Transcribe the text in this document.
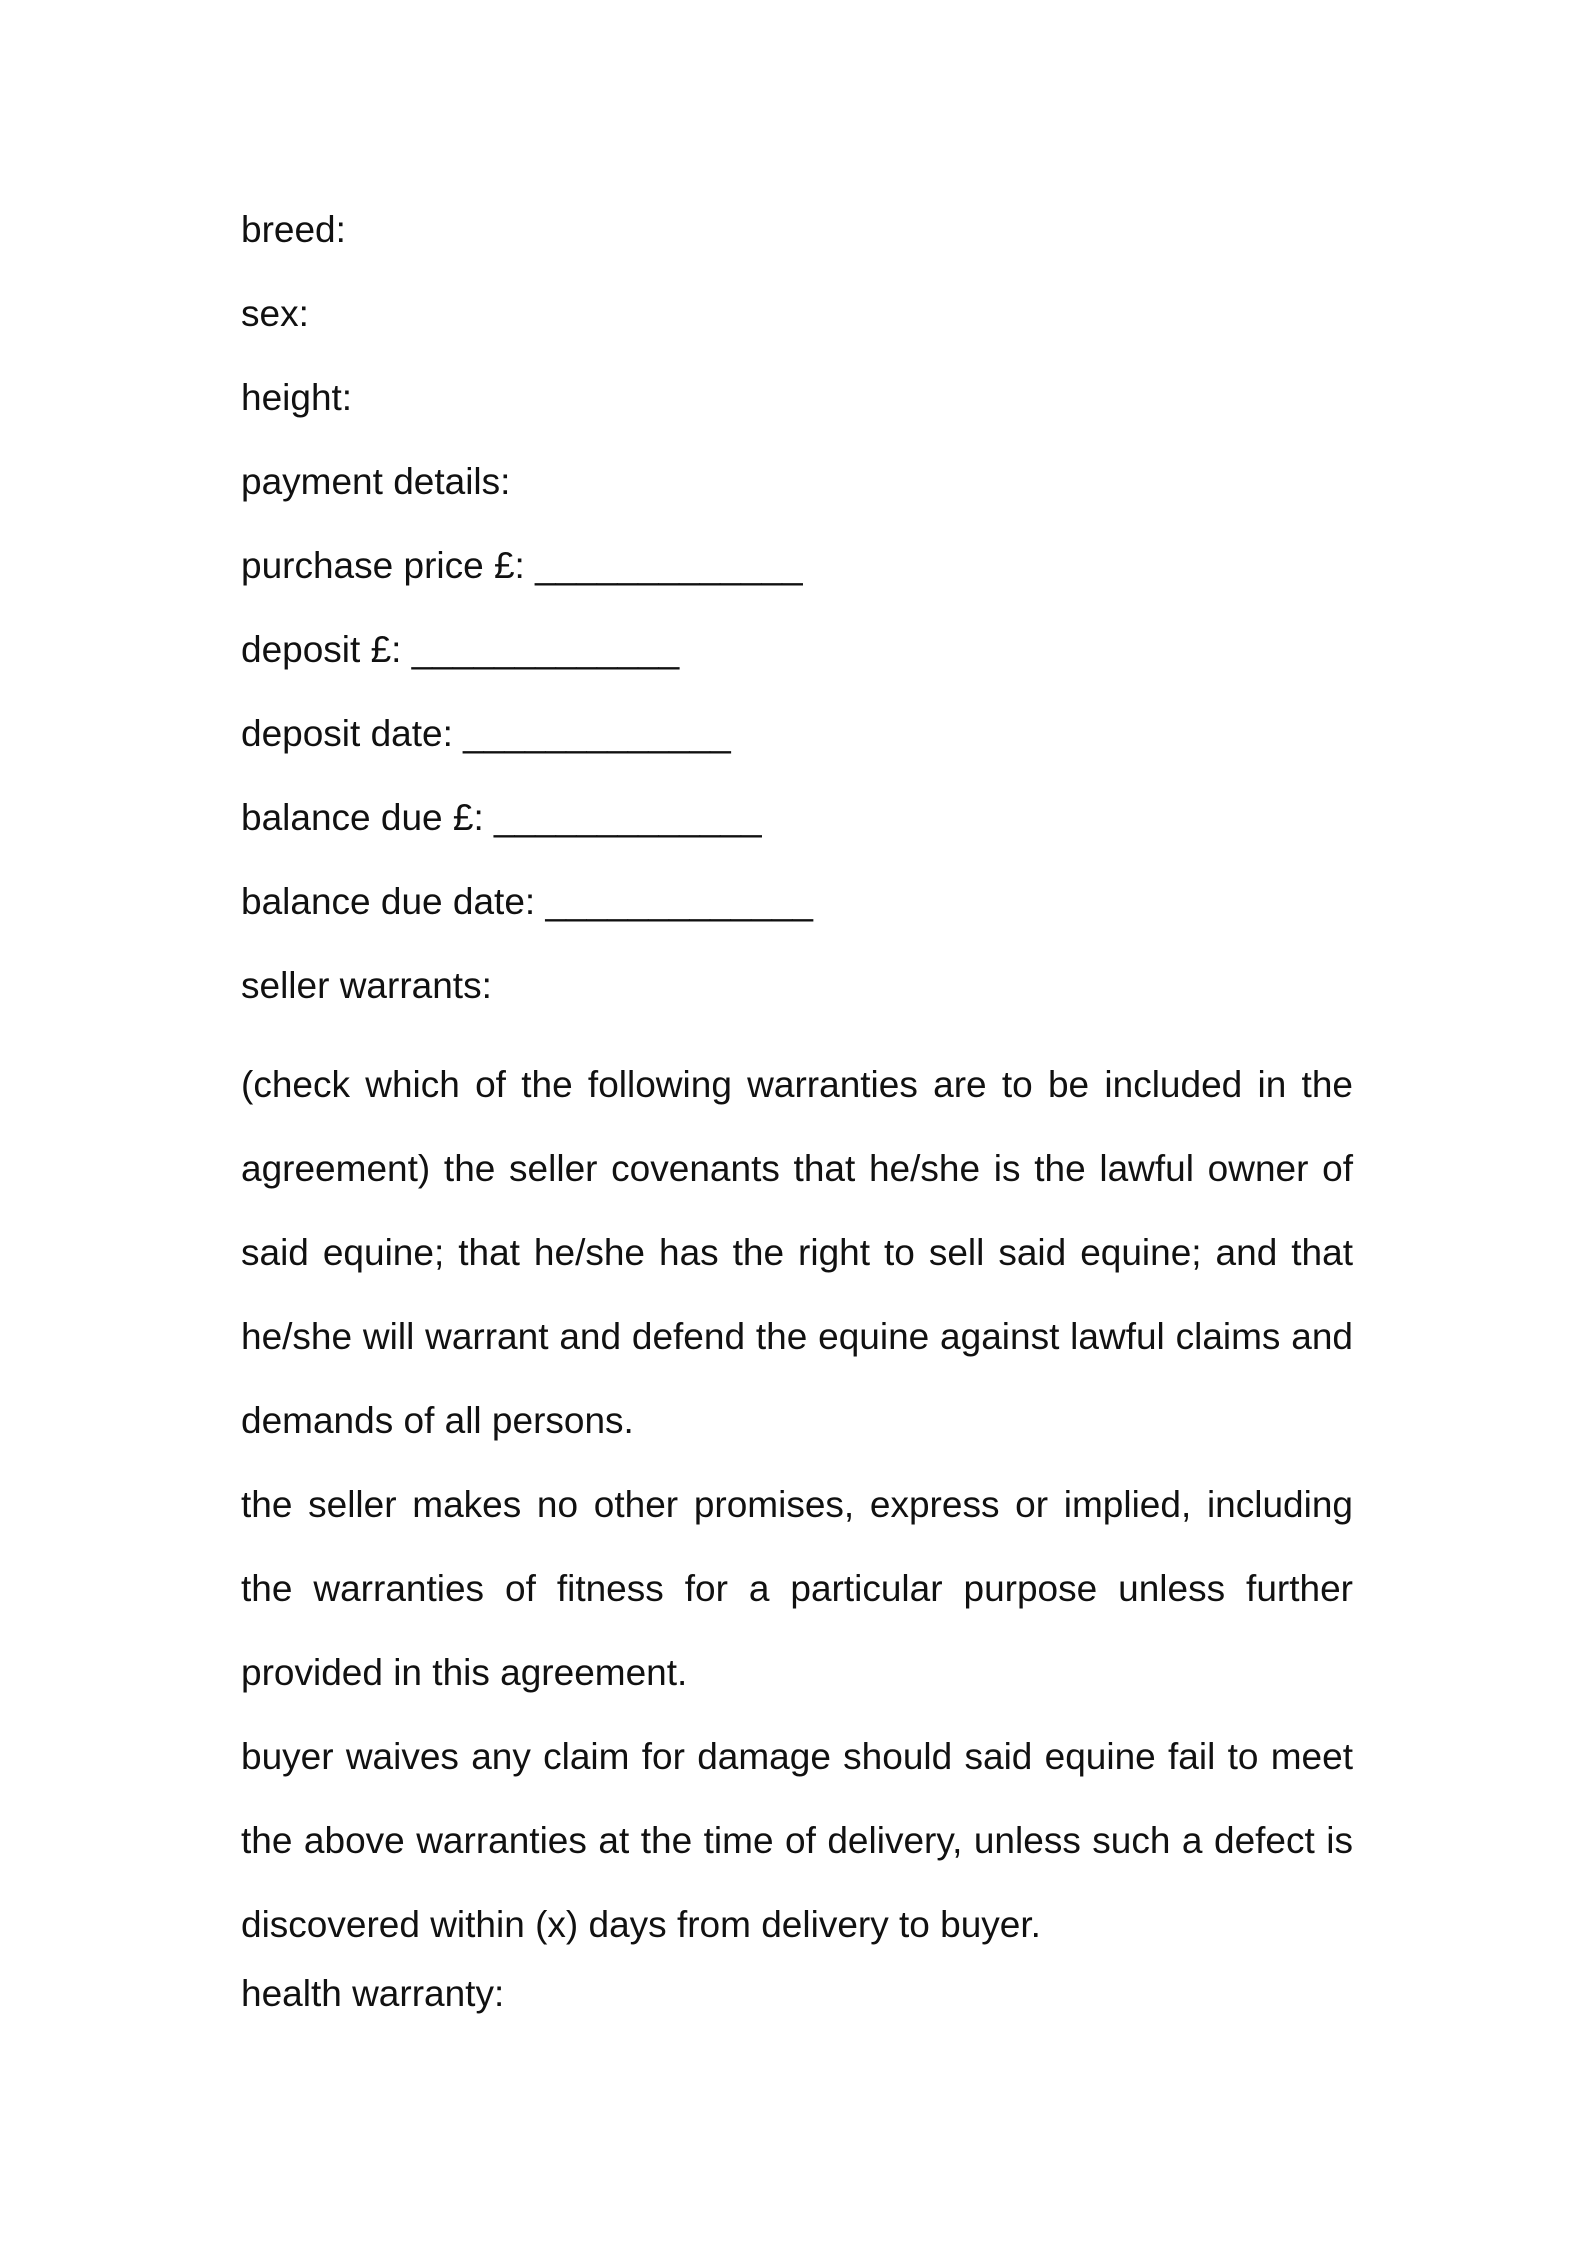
breed:
sex:
height:
payment details:
purchase price £: _____________
deposit £: _____________
deposit date: _____________
balance due £: _____________
balance due date: _____________
seller warrants:

(check which of the following warranties are to be included in the agreement) the seller covenants that he/she is the lawful owner of said equine; that he/she has the right to sell said equine; and that he/she will warrant and defend the equine against lawful claims and demands of all persons.

the seller makes no other promises, express or implied, including the warranties of fitness for a particular purpose unless further provided in this agreement.

buyer waives any claim for damage should said equine fail to meet the above warranties at the time of delivery, unless such a defect is discovered within (x) days from delivery to buyer.

health warranty:
